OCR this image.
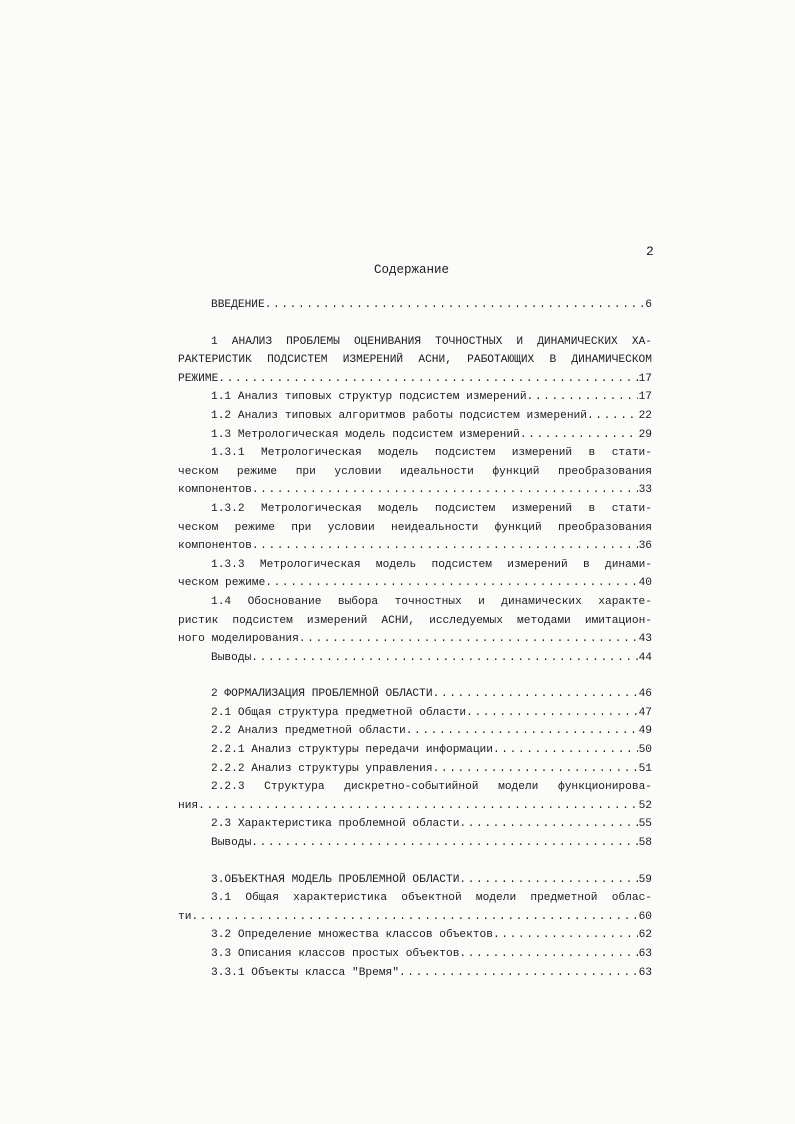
2
Содержание
ВВЕДЕНИЕ .....	6
1 АНАЛИЗ ПРОБЛЕМЫ ОЦЕНИВАНИЯ ТОЧНОСТНЫХ И ДИНАМИЧЕСКИХ ХА-
РАКТЕРИСТИК ПОДСИСТЕМ ИЗМЕРЕНИЙ АСНИ, РАБОТАЮЩИХ В ДИНАМИЧЕСКОМ
РЕЖИМЕ .....	17
1.1 Анализ типовых структур подсистем измерений .....	17
1.2 Анализ типовых алгоритмов работы подсистем измерений .....	22
1.3 Метрологическая модель подсистем измерений .....	29
1.3.1 Метрологическая модель подсистем измерений в стати-
ческом режиме при условии идеальности функций преобразования
компонентов .....	33
1.3.2 Метрологическая модель подсистем измерений в стати-
ческом режиме при условии неидеальности функций преобразования
компонентов .....	36
1.3.3 Метрологическая модель подсистем измерений в динами-
ческом режиме .....	40
1.4 Обоснование выбора точностных и динамических характе-
ристик подсистем измерений АСНИ, исследуемых методами имитацион-
ного моделирования .....	43
Выводы .....	44
2 ФОРМАЛИЗАЦИЯ ПРОБЛЕМНОЙ ОБЛАСТИ .....	46
2.1 Общая структура предметной области .....	47
2.2 Анализ предметной области .....	49
2.2.1 Анализ структуры передачи информации .....	50
2.2.2 Анализ структуры управления .....	51
2.2.3 Структура дискретно-событийной модели функционирова-
ния .....	52
2.3 Характеристика проблемной области .....	55
Выводы .....	58
3.ОБЪЕКТНАЯ МОДЕЛЬ ПРОБЛЕМНОЙ ОБЛАСТИ .....	59
3.1 Общая характеристика объектной модели предметной облас-
ти .....	60
3.2 Определение множества классов объектов .....	62
3.3 Описания классов простых объектов .....	63
3.3.1 Объекты класса "Время" .....	63
